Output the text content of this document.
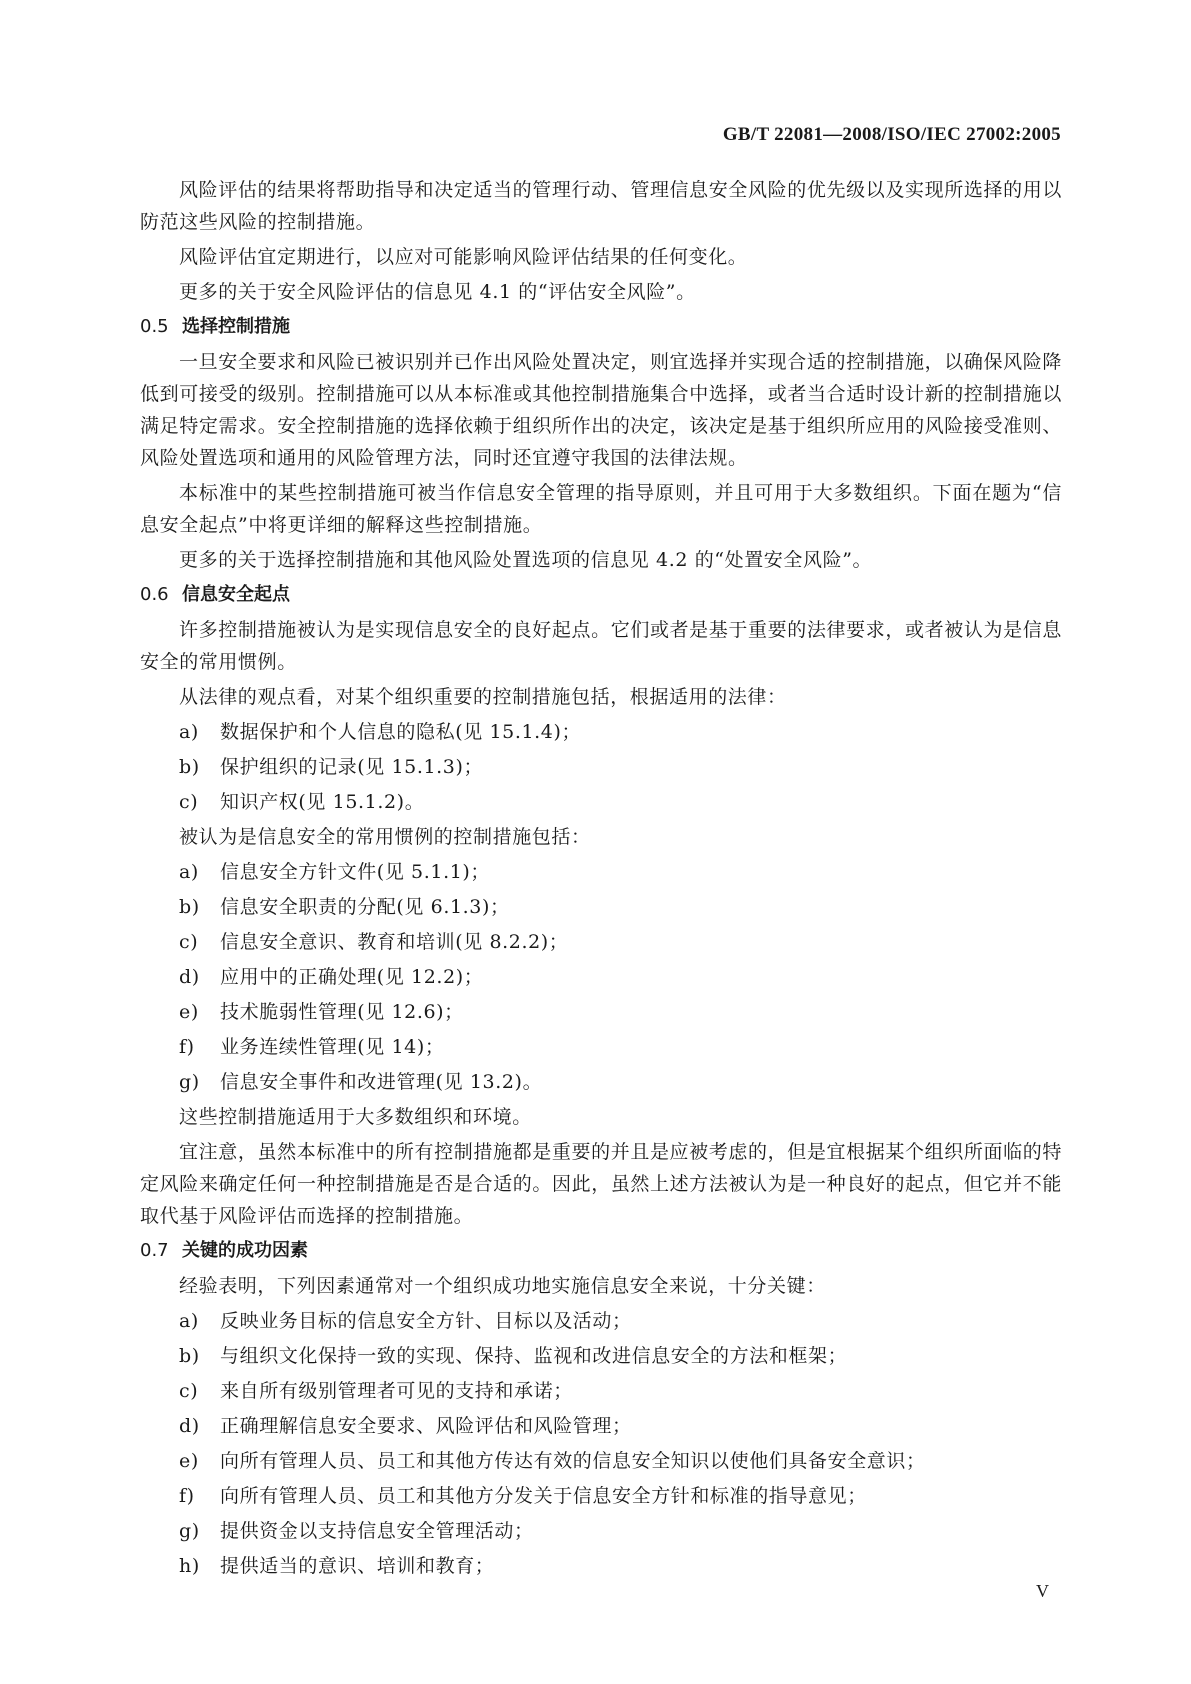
GB/T 22081—2008/ISO/IEC 27002:2005

风险评估的结果将帮助指导和决定适当的管理行动、管理信息安全风险的优先级以及实现所选择的用以防范这些风险的控制措施。

风险评估宜定期进行，以应对可能影响风险评估结果的任何变化。

更多的关于安全风险评估的信息见 4.1 的“评估安全风险”。

0.5 选择控制措施

一旦安全要求和风险已被识别并已作出风险处置决定，则宜选择并实现合适的控制措施，以确保风险降低到可接受的级别。控制措施可以从本标准或其他控制措施集合中选择，或者当合适时设计新的控制措施以满足特定需求。安全控制措施的选择依赖于组织所作出的决定，该决定是基于组织所应用的风险接受准则、风险处置选项和通用的风险管理方法，同时还宜遵守我国的法律法规。

本标准中的某些控制措施可被当作信息安全管理的指导原则，并且可用于大多数组织。下面在题为“信息安全起点”中将更详细的解释这些控制措施。

更多的关于选择控制措施和其他风险处置选项的信息见 4.2 的“处置安全风险”。

0.6 信息安全起点

许多控制措施被认为是实现信息安全的良好起点。它们或者是基于重要的法律要求，或者被认为是信息安全的常用惯例。

从法律的观点看，对某个组织重要的控制措施包括，根据适用的法律：

a) 数据保护和个人信息的隐私(见 15.1.4)；
b) 保护组织的记录(见 15.1.3)；
c) 知识产权(见 15.1.2)。

被认为是信息安全的常用惯例的控制措施包括：

a) 信息安全方针文件(见 5.1.1)；
b) 信息安全职责的分配(见 6.1.3)；
c) 信息安全意识、教育和培训(见 8.2.2)；
d) 应用中的正确处理(见 12.2)；
e) 技术脆弱性管理(见 12.6)；
f) 业务连续性管理(见 14)；
g) 信息安全事件和改进管理(见 13.2)。

这些控制措施适用于大多数组织和环境。

宜注意，虽然本标准中的所有控制措施都是重要的并且是应被考虑的，但是宜根据某个组织所面临的特定风险来确定任何一种控制措施是否是合适的。因此，虽然上述方法被认为是一种良好的起点，但它并不能取代基于风险评估而选择的控制措施。

0.7 关键的成功因素

经验表明，下列因素通常对一个组织成功地实施信息安全来说，十分关键：

a) 反映业务目标的信息安全方针、目标以及活动；
b) 与组织文化保持一致的实现、保持、监视和改进信息安全的方法和框架；
c) 来自所有级别管理者可见的支持和承诺；
d) 正确理解信息安全要求、风险评估和风险管理；
e) 向所有管理人员、员工和其他方传达有效的信息安全知识以使他们具备安全意识；
f) 向所有管理人员、员工和其他方分发关于信息安全方针和标准的指导意见；
g) 提供资金以支持信息安全管理活动；
h) 提供适当的意识、培训和教育；
V
